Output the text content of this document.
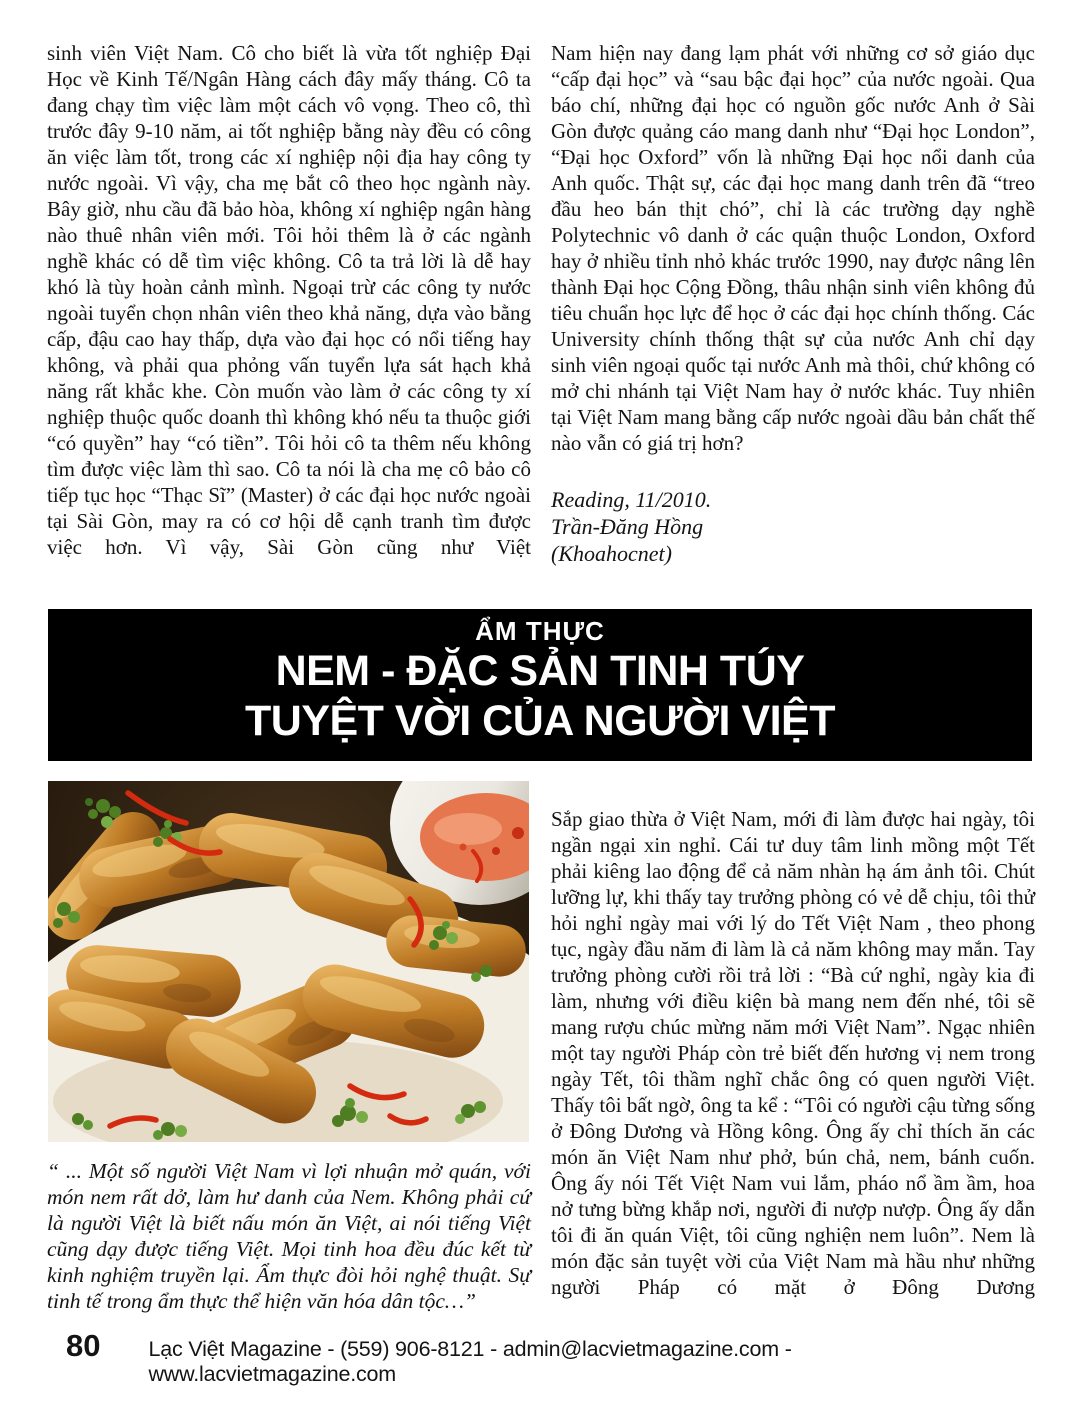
sinh viên Việt Nam. Cô cho biết là vừa tốt nghiệp Đại Học về Kinh Tế/Ngân Hàng cách đây mấy tháng. Cô ta đang chạy tìm việc làm một cách vô vọng. Theo cô, thì trước đây 9-10 năm, ai tốt nghiệp bằng này đều có công ăn việc làm tốt, trong các xí nghiệp nội địa hay công ty nước ngoài. Vì vậy, cha mẹ bắt cô theo học ngành này. Bây giờ, nhu cầu đã bảo hòa, không xí nghiệp ngân hàng nào thuê nhân viên mới. Tôi hỏi thêm là ở các ngành nghề khác có dễ tìm việc không. Cô ta trả lời là dễ hay khó là tùy hoàn cảnh mình. Ngoại trừ các công ty nước ngoài tuyển chọn nhân viên theo khả năng, dựa vào bằng cấp, đậu cao hay thấp, dựa vào đại học có nổi tiếng hay không, và phải qua phỏng vấn tuyển lựa sát hạch khả năng rất khắc khe. Còn muốn vào làm ở các công ty xí nghiệp thuộc quốc doanh thì không khó nếu ta thuộc giới “có quyền” hay “có tiền”. Tôi hỏi cô ta thêm nếu không tìm được việc làm thì sao. Cô ta nói là cha mẹ cô bảo cô tiếp tục học “Thạc Sĩ” (Master) ở các đại học nước ngoài tại Sài Gòn, may ra có cơ hội dễ cạnh tranh tìm được việc hơn. Vì vậy, Sài Gòn cũng như Việt
Nam hiện nay đang lạm phát với những cơ sở giáo dục “cấp đại học” và “sau bậc đại học” của nước ngoài. Qua báo chí, những đại học có nguồn gốc nước Anh ở Sài Gòn được quảng cáo mang danh như “Đại học London”, “Đại học Oxford” vốn là những Đại học nổi danh của Anh quốc. Thật sự, các đại học mang danh trên đã “treo đầu heo bán thịt chó”, chỉ là các trường dạy nghề Polytechnic vô danh ở các quận thuộc London, Oxford hay ở nhiều tỉnh nhỏ khác trước 1990, nay được nâng lên thành Đại học Cộng Đồng, thâu nhận sinh viên không đủ tiêu chuẩn học lực để học ở các đại học chính thống. Các University chính thống thật sự của nước Anh chỉ dạy sinh viên ngoại quốc tại nước Anh mà thôi, chứ không có mở chi nhánh tại Việt Nam hay ở nước khác. Tuy nhiên tại Việt Nam mang bằng cấp nước ngoài dầu bản chất thế nào vẫn có giá trị hơn?
Reading, 11/2010.
Trần-Đăng Hồng
(Khoahocnet)
ẨM THỰC
NEM - ĐẶC SẢN TINH TÚY
TUYỆT VỜI CỦA NGƯỜI VIỆT
“ ... Một số người Việt Nam vì lợi nhuận mở quán, với món nem rất dở, làm hư danh của Nem. Không phải cứ là người Việt là biết nấu món ăn Việt, ai nói tiếng Việt cũng dạy được tiếng Việt. Mọi tinh hoa đều đúc kết từ kinh nghiệm truyền lại. Ẩm thực đòi hỏi nghệ thuật. Sự tinh tế trong ẩm thực thể hiện văn hóa dân tộc…”
Sắp giao thừa ở Việt Nam, mới đi làm được hai ngày, tôi ngần ngại xin nghỉ. Cái tư duy tâm linh mồng một Tết phải kiêng lao động để cả năm nhàn hạ ám ảnh tôi. Chút lưỡng lự, khi thấy tay trưởng phòng có vẻ dễ chịu, tôi thử hỏi nghỉ ngày mai với lý do Tết Việt Nam , theo phong tục, ngày đầu năm đi làm là cả năm không may mắn. Tay trưởng phòng cười rồi trả lời : “Bà cứ nghỉ, ngày kia đi làm, nhưng với điều kiện bà mang nem đến nhé, tôi sẽ mang rượu chúc mừng năm mới Việt Nam”. Ngạc nhiên một tay người Pháp còn trẻ biết đến hương vị nem trong ngày Tết, tôi thầm nghĩ chắc ông có quen người Việt. Thấy tôi bất ngờ, ông ta kể : “Tôi có người cậu từng sống ở Đông Dương và Hồng kông. Ông ấy chỉ thích ăn các món ăn Việt Nam như phở, bún chả, nem, bánh cuốn. Ông ấy nói Tết Việt Nam vui lắm, pháo nổ ầm ầm, hoa nở tưng bừng khắp nơi, người đi nượp nượp. Ông ấy dẫn tôi đi ăn quán Việt, tôi cũng nghiện nem luôn”. Nem là món đặc sản tuyệt vời của Việt Nam mà hầu như những người Pháp có mặt ở Đông Dương
80 Lạc Việt Magazine - (559) 906-8121 - admin@lacvietmagazine.com - www.lacvietmagazine.com
